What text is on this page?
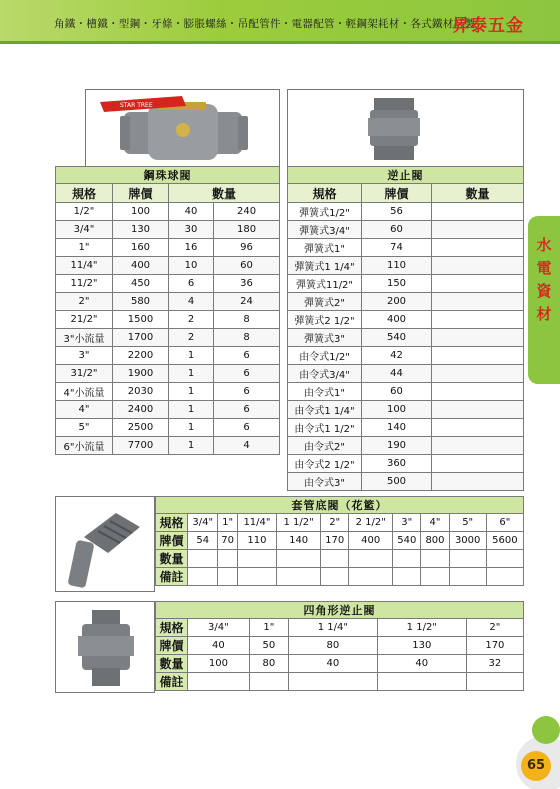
角鐵・槽鐵・型鋼・牙條・膨脹螺絲・吊配管件・電器配管・輕鋼架耗材・各式鐵材訂製
昇泰五金
水電資材
65
STAR TREE
鋼珠球閥			
規格	牌價	數量	
1/2"	100	40	240
3/4"	130	30	180
1"	160	16	96
11/4"	400	10	60
11/2"	450	6	36
2"	580	4	24
21/2"	1500	2	8
3"小流量	1700	2	8
3"	2200	1	6
31/2"	1900	1	6
4"小流量	2030	1	6
4"	2400	1	6
5"	2500	1	6
6"小流量	7700	1	4
逆止閥		
規格	牌價	數量
彈簧式1/2"	56	
彈簧式3/4"	60	
彈簧式1"	74	
彈簧式1 1/4"	110	
彈簧式11/2"	150	
彈簧式2"	200	
彈簧式2 1/2"	400	
彈簧式3"	540	
由令式1/2"	42	
由令式3/4"	44	
由令式1"	60	
由令式1 1/4"	100	
由令式1 1/2"	140	
由令式2"	190	
由令式2 1/2"	360	
由令式3"	500	
套管底閥（花籃）										
規格	3/4"	1"	11/4"	1 1/2"	2"	2 1/2"	3"	4"	5"	6"
牌價	54	70	110	140	170	400	540	800	3000	5600
數量										
備註										
四角形逆止閥					
規格	3/4"	1"	1 1/4"	1 1/2"	2"
牌價	40	50	80	130	170
數量	100	80	40	40	32
備註					
